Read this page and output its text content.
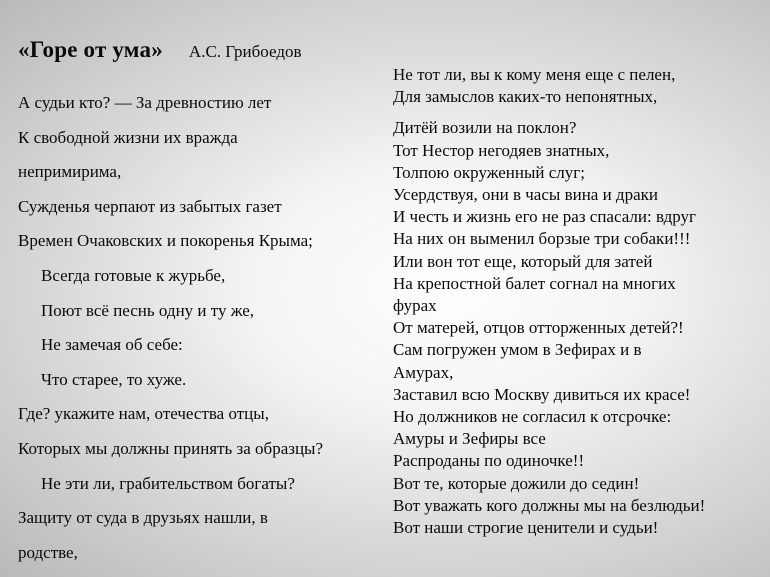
«Горе от ума» А.С. Грибоедов
А судьи кто? — За древностию лет
К свободной жизни их вражда
непримирима,
Сужденья черпают из забытых газет
Времен Очаковских и покоренья Крыма;
Всегда готовые к журьбе,
Поют всё песнь одну и ту же,
Не замечая об себе:
Что старее, то хуже.
Где? укажите нам, отечества отцы,
Которых мы должны принять за образцы?
Не эти ли, грабительством богаты?
Защиту от суда в друзьях нашли, в
родстве,
Не тот ли, вы к кому меня еще с пелен,
Для замыслов каких-то непонятных,
Дитёй возили на поклон?
Тот Нестор негодяев знатных,
Толпою окруженный слуг;
Усердствуя, они в часы вина и драки
И честь и жизнь его не раз спасали: вдруг
На них он выменил борзые три собаки!!!
Или вон тот еще, который для затей
На крепостной балет согнал на многих
фурах
От матерей, отцов отторженных детей?!
Сам погружен умом в Зефирах и в
Амурах,
Заставил всю Москву дивиться их красе!
Но должников не согласил к отсрочке:
Амуры и Зефиры все
Распроданы по одиночке!!
Вот те, которые дожили до седин!
Вот уважать кого должны мы на безлюдьи!
Вот наши строгие ценители и судьи!
